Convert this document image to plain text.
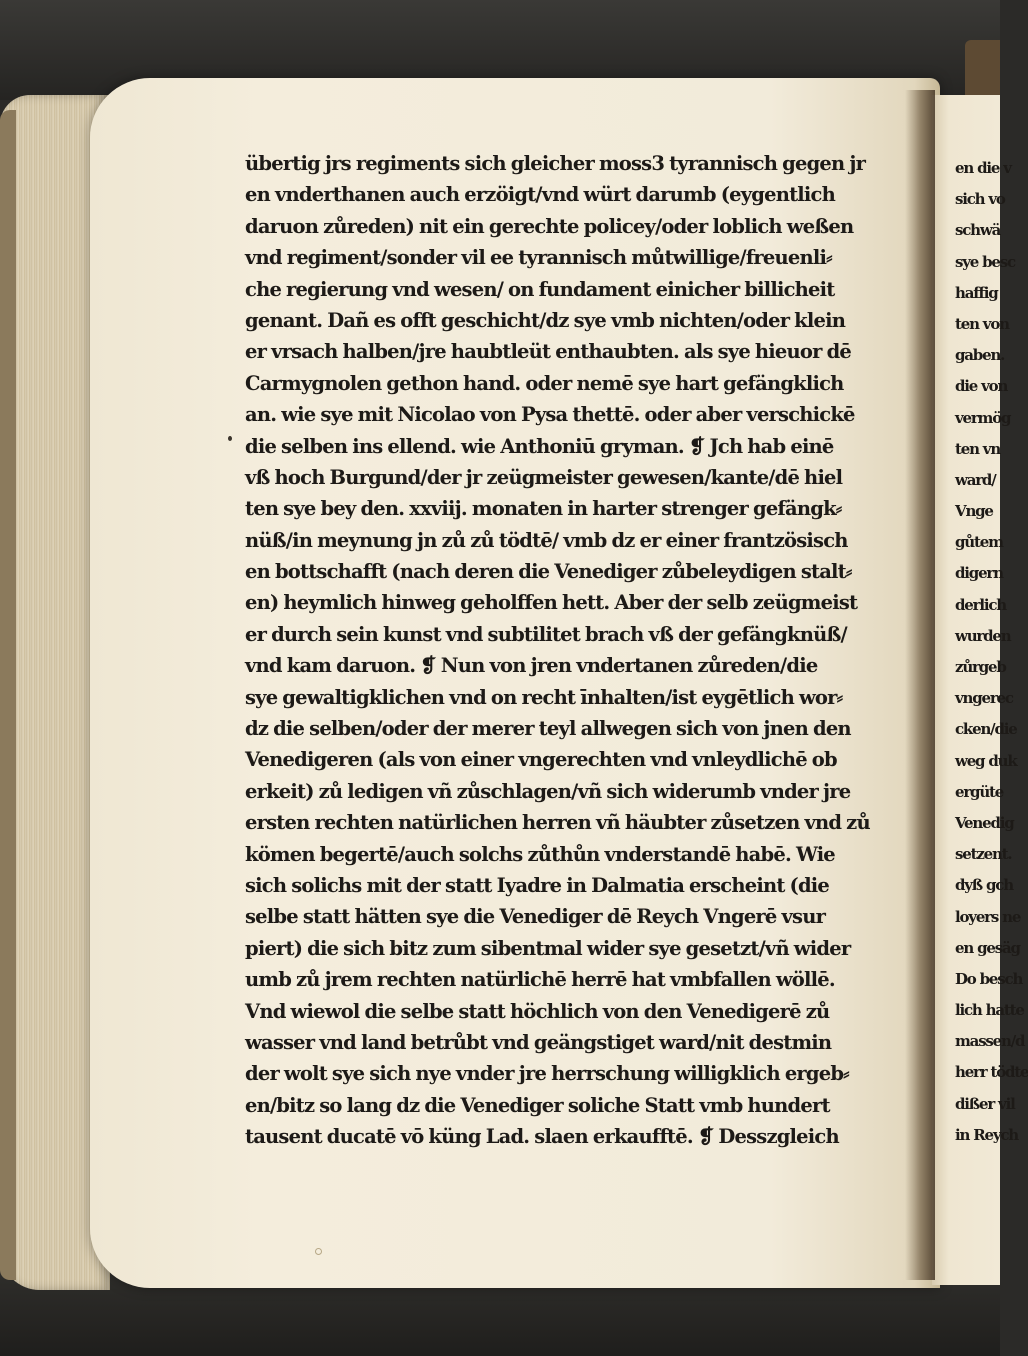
übertig jrs regiments sich gleicher moss3 tyrannisch gegen jr
en vnderthanen auch erzöigt/vnd würt darumb (eygentlich
daruon zůreden) nit ein gerechte policey/oder loblich weßen
vnd regiment/sonder vil ee tyrannisch můtwillige/freuenli⸗
che regierung vnd wesen/ on fundament einicher billicheit
genant. Dañ es offt geschicht/dz sye vmb nichten/oder klein
er vrsach halben/jre haubtleüt enthaubten. als sye hieuor dē
Carmygnolen gethon hand. oder nemē sye hart gefängklich
an. wie sye mit Nicolao von Pysa thettē. oder aber verschickē
die selben ins ellend. wie Anthoniū gryman. ❡ Jch hab einē
vß hoch Burgund/der jr zeügmeister gewesen/kante/dē hiel
ten sye bey den. xxviij. monaten in harter strenger gefängk⸗
nüß/in meynung jn zů zů tödtē/ vmb dz er einer frantzösisch
en bottschafft (nach deren die Venediger zůbeleydigen stalt⸗
en) heymlich hinweg geholffen hett. Aber der selb zeügmeist
er durch sein kunst vnd subtilitet brach vß der gefängknüß/
vnd kam daruon. ❡ Nun von jren vndertanen zůreden/die
sye gewaltigklichen vnd on recht īnhalten/ist eygētlich wor⸗
dz die selben/oder der merer teyl allwegen sich von jnen den
Venedigeren (als von einer vngerechten vnd vnleydlichē ob
erkeit) zů ledigen vñ zůschlagen/vñ sich widerumb vnder jre
ersten rechten natürlichen herren vñ häubter zůsetzen vnd zů
kömen begertē/auch solchs zůthůn vnderstandē habē. Wie
sich solichs mit der statt Iyadre in Dalmatia erscheint (die
selbe statt hätten sye die Venediger dē Reych Vngerē vsur
piert) die sich bitz zum sibentmal wider sye gesetzt/vñ wider
umb zů jrem rechten natürlichē herrē hat vmbfallen wöllē.
Vnd wiewol die selbe statt höchlich von den Venedigerē zů
wasser vnd land betrůbt vnd geängstiget ward/nit destmin
der wolt sye sich nye vnder jre herrschung willigklich ergeb⸗
en/bitz so lang dz die Venediger soliche Statt vmb hundert
tausent ducatē vō küng Lad. slaen erkaufftē. ❡ Desszgleich
en die v
sich vo
schwä
sye besc
haffig
ten von
gaben.
die von
vermög
ten vn
ward/
Vnge
gůtem
digern
derlich
wurden
zůrgeb
vngerec
cken/die
weg duk
ergüte
Venedig
setzent.
dyß gch
loyers ne
en gesäg
Do besch
lich hatte
massen/d
herr tödte
dißer vil
in Reych
